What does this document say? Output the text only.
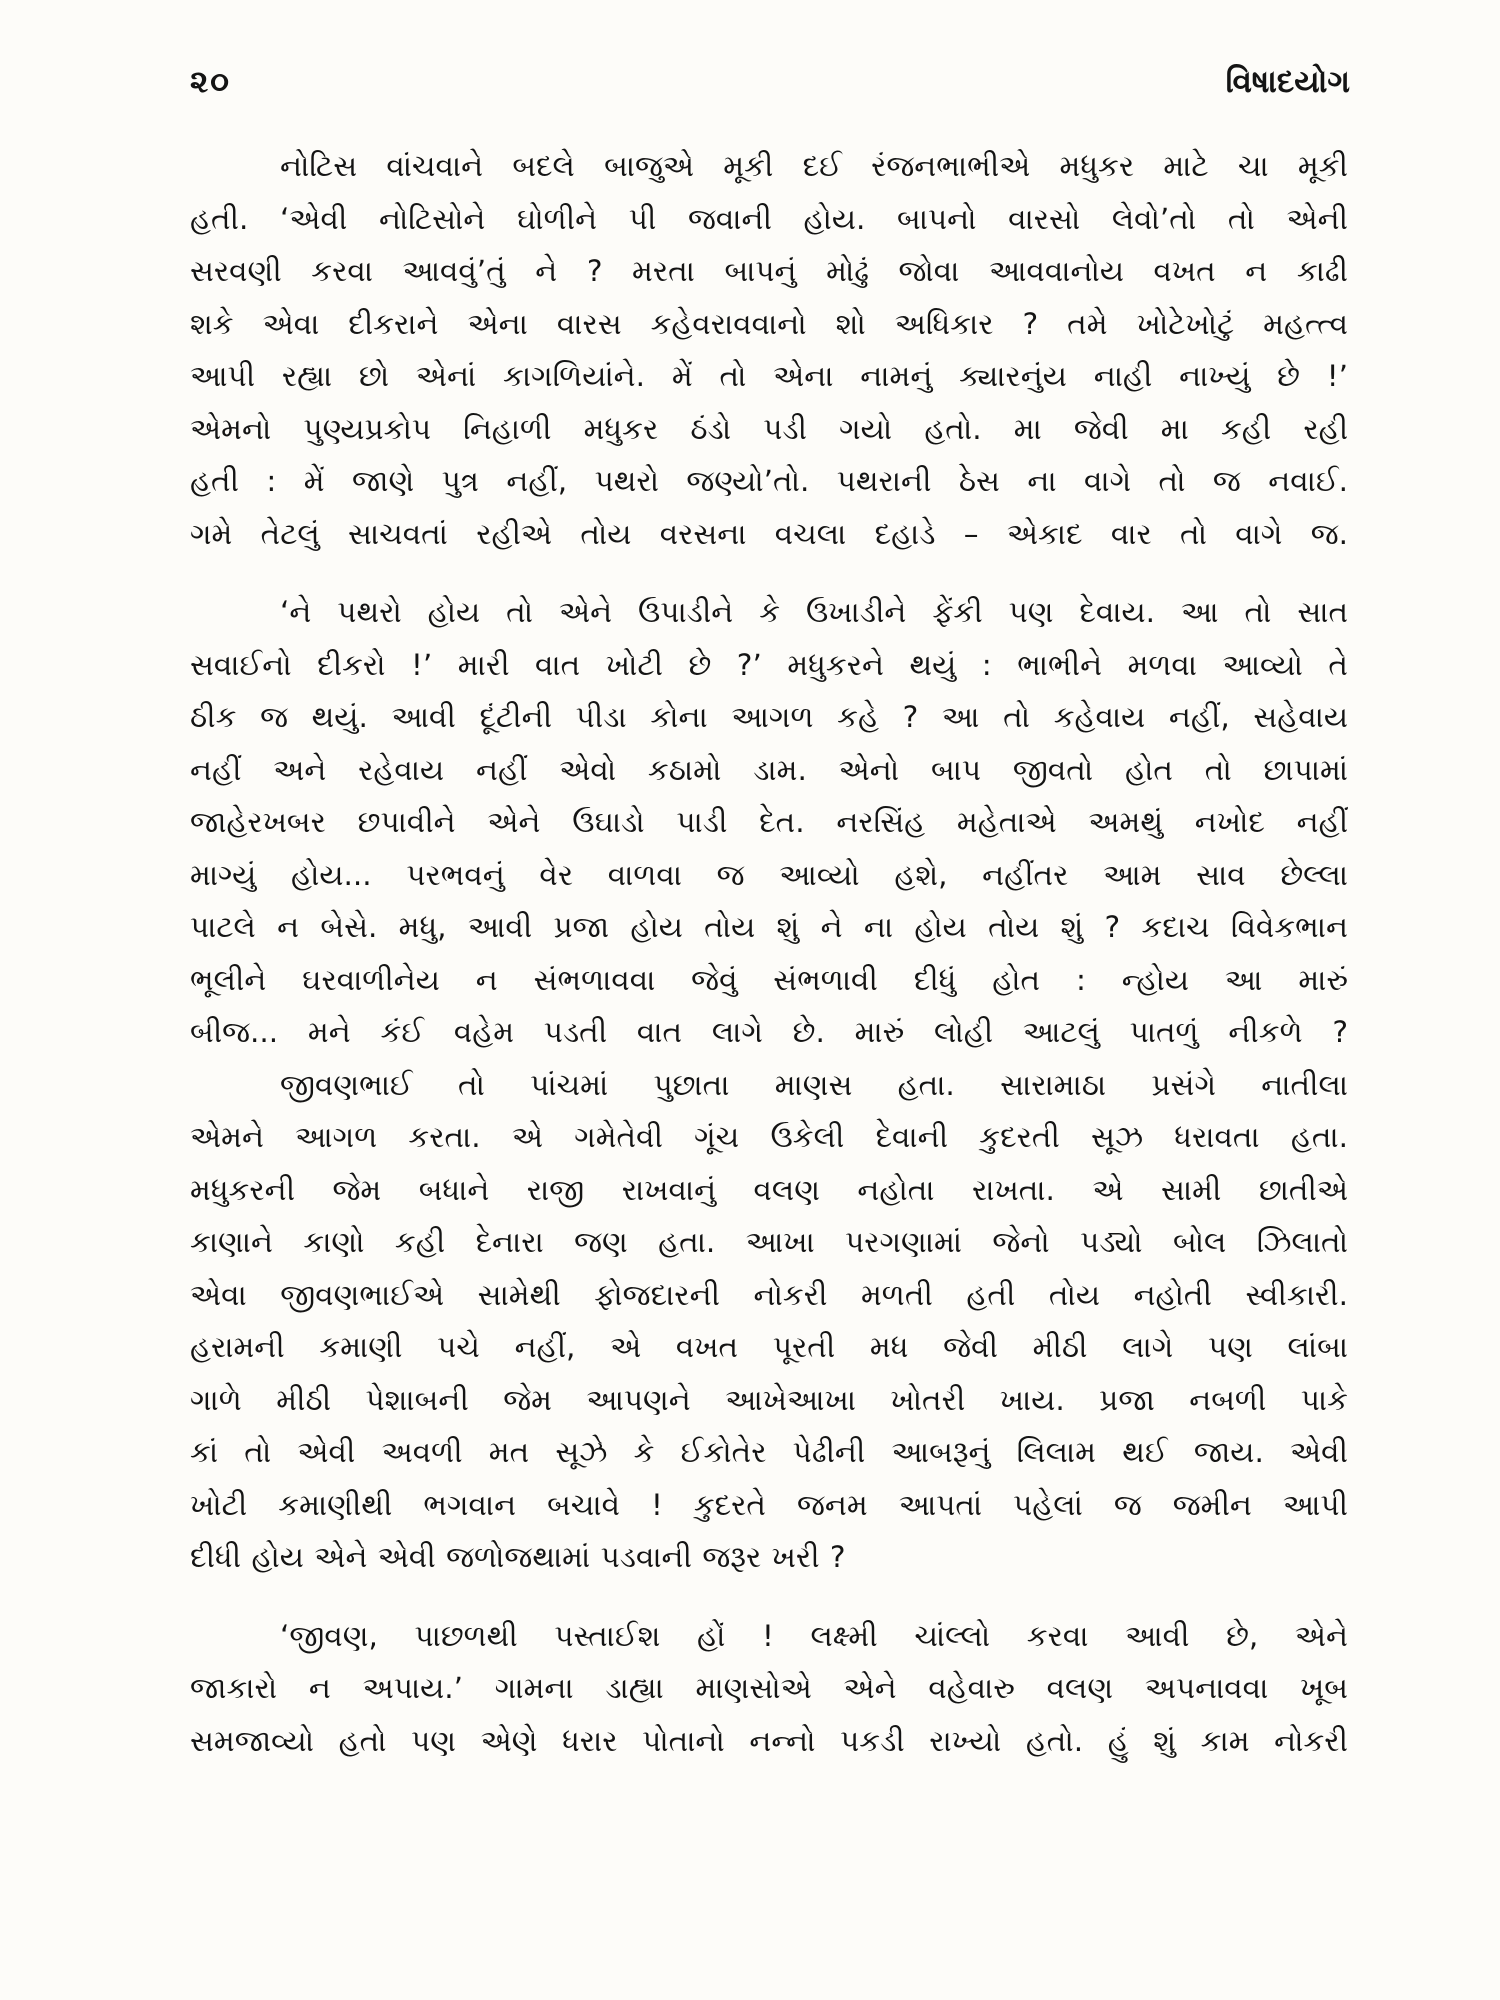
૨૦	વિષાદયોગ

નોટિસ વાંચવાને બદલે બાજુએ મૂકી દઈ રંજનભાભીએ મધુકર માટે ચા મૂકી
હતી. ‘એવી નોટિસોને ઘોળીને પી જવાની હોય. બાપનો વારસો લેવો’તો તો એની
સરવણી કરવા આવવું’તું ને ? મરતા બાપનું મોઢું જોવા આવવાનોય વખત ન કાઢી
શકે એવા દીકરાને એના વારસ કહેવરાવવાનો શો અધિકાર ? તમે ખોટેખોટું મહત્ત્વ
આપી રહ્યા છો એનાં કાગળિયાંને. મેં તો એના નામનું ક્યારનુંય નાહી નાખ્યું છે !’
એમનો પુણ્યપ્રકોપ નિહાળી મધુકર ઠંડો પડી ગયો હતો. મા જેવી મા કહી રહી
હતી : મેં જાણે પુત્ર નહીં, પથરો જણ્યો’તો. પથરાની ઠેસ ના વાગે તો જ નવાઈ.
ગમે તેટલું સાચવતાં રહીએ તોય વરસના વચલા દહાડે – એકાદ વાર તો વાગે જ.

‘ને પથરો હોય તો એને ઉપાડીને કે ઉખાડીને ફેંકી પણ દેવાય. આ તો સાત
સવાઈનો દીકરો !’ મારી વાત ખોટી છે ?’ મધુકરને થયું : ભાભીને મળવા આવ્યો તે
ઠીક જ થયું. આવી દૂંટીની પીડા કોના આગળ કહે ? આ તો કહેવાય નહીં, સહેવાય
નહીં અને રહેવાય નહીં એવો કઠામો ડામ. એનો બાપ જીવતો હોત તો છાપામાં
જાહેરખબર છપાવીને એને ઉઘાડો પાડી દેત. નરસિંહ મહેતાએ અમથું નખોદ નહીં
માગ્યું હોય... પરભવનું વેર વાળવા જ આવ્યો હશે, નહીંતર આમ સાવ છેલ્લા
પાટલે ન બેસે. મધુ, આવી પ્રજા હોય તોય શું ને ના હોય તોય શું ? કદાચ વિવેકભાન
ભૂલીને ઘરવાળીનેય ન સંભળાવવા જેવું સંભળાવી દીધું હોત : ન્હોય આ મારું
બીજ... મને કંઈ વહેમ પડતી વાત લાગે છે. મારું લોહી આટલું પાતળું નીકળે ?

જીવણભાઈ તો પાંચમાં પુછાતા માણસ હતા. સારામાઠા પ્રસંગે નાતીલા
એમને આગળ કરતા. એ ગમેતેવી ગૂંચ ઉકેલી દેવાની કુદરતી સૂઝ ધરાવતા હતા.
મધુકરની જેમ બધાને રાજી રાખવાનું વલણ નહોતા રાખતા. એ સામી છાતીએ
કાણાને કાણો કહી દેનારા જણ હતા. આખા પરગણામાં જેનો પડ્યો બોલ ઝિલાતો
એવા જીવણભાઈએ સામેથી ફોજદારની નોકરી મળતી હતી તોય નહોતી સ્વીકારી.
હરામની કમાણી પચે નહીં, એ વખત પૂરતી મધ જેવી મીઠી લાગે પણ લાંબા
ગાળે મીઠી પેશાબની જેમ આપણને આખેઆખા ખોતરી ખાય. પ્રજા નબળી પાકે
કાં તો એવી અવળી મત સૂઝે કે ઈકોતેર પેઢીની આબરૂનું લિલામ થઈ જાય. એવી
ખોટી કમાણીથી ભગવાન બચાવે ! કુદરતે જનમ આપતાં પહેલાં જ જમીન આપી
દીધી હોય એને એવી જળોજથામાં પડવાની જરૂર ખરી ?

‘જીવણ, પાછળથી પસ્તાઈશ હોં ! લક્ષ્મી ચાંલ્લો કરવા આવી છે, એને
જાકારો ન અપાય.’ ગામના ડાહ્યા માણસોએ એને વહેવારુ વલણ અપનાવવા ખૂબ
સમજાવ્યો હતો પણ એણે ધરાર પોતાનો નન્નો પકડી રાખ્યો હતો. હું શું કામ નોકરી
